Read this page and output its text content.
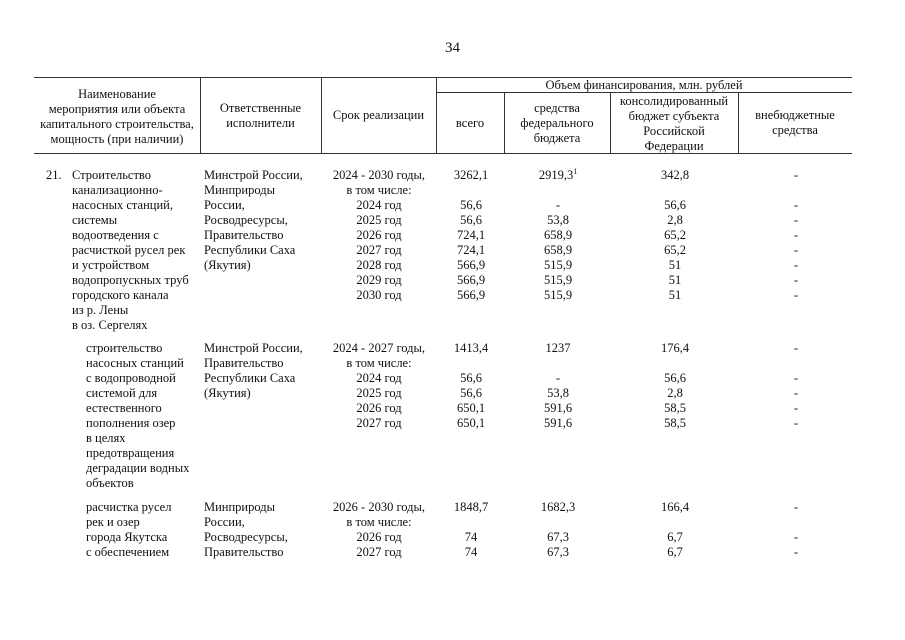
34
Наименование
мероприятия или объекта
капитального строительства,
мощность (при наличии)
Ответственные
исполнители
Срок реализации
Объем финансирования, млн. рублей
всего
средства
федерального
бюджета
консолидированный
бюджет субъекта
Российской
Федерации
внебюджетные
средства
21. Строительство
канализационно-
насосных станций,
системы
водоотведения с
расчисткой русел рек
и устройством
водопропускных труб
городского канала
из р. Лены
в оз. Сергелях
Минстрой России,
Минприроды
России,
Росводресурсы,
Правительство
Республики Саха
(Якутия)
2024 - 2030 годы,
в том числе:
2024 год
2025 год
2026 год
2027 год
2028 год
2029 год
2030 год
3262,1
56,6
56,6
724,1
724,1
566,9
566,9
566,9
2919,3$^1$
-
53,8
658,9
658,9
515,9
515,9
515,9
342,8
56,6
2,8
65,2
65,2
51
51
51
-
-
-
-
-
-
-
-
строительство
насосных станций
с водопроводной
системой для
естественного
пополнения озер
в целях
предотвращения
деградации водных
объектов
Минстрой России,
Правительство
Республики Саха
(Якутия)
2024 - 2027 годы,
в том числе:
2024 год
2025 год
2026 год
2027 год
1413,4
56,6
56,6
650,1
650,1
1237
-
53,8
591,6
591,6
176,4
56,6
2,8
58,5
58,5
-
-
-
-
-
расчистка русел
рек и озер
города Якутска
с обеспечением
Минприроды
России,
Росводресурсы,
Правительство
2026 - 2030 годы,
в том числе:
2026 год
2027 год
1848,7
74
74
1682,3
67,3
67,3
166,4
6,7
6,7
-
-
-
